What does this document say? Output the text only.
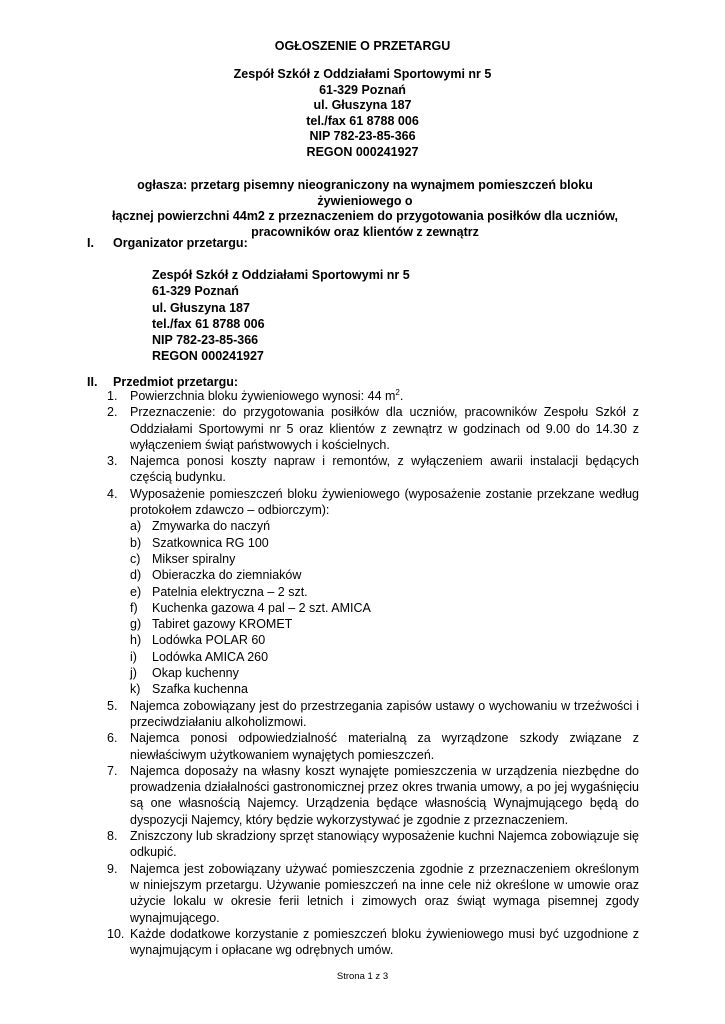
OGŁOSZENIE O PRZETARGU
Zespół Szkół z Oddziałami Sportowymi nr 5
61-329 Poznań
ul. Głuszyna 187
tel./fax 61 8788 006
NIP 782-23-85-366
REGON 000241927
ogłasza: przetarg pisemny nieograniczony na wynajmem pomieszczeń bloku żywieniowego o
łącznej powierzchni 44m2 z przeznaczeniem do przygotowania posiłków dla uczniów,
pracowników oraz klientów z zewnątrz
I. Organizator przetargu:
Zespół Szkół z Oddziałami Sportowymi nr 5
61-329 Poznań
ul. Głuszyna 187
tel./fax 61 8788 006
NIP 782-23-85-366
REGON 000241927
II. Przedmiot przetargu:
1.	Powierzchnia bloku żywieniowego wynosi: 44 $m^2$.
2.	Przeznaczenie: do przygotowania posiłków dla uczniów, pracowników Zespołu Szkół z Oddziałami Sportowymi nr 5 oraz klientów z zewnątrz w godzinach od 9.00 do 14.30 z wyłączeniem świąt państwowych i kościelnych.
3.	Najemca ponosi koszty napraw i remontów, z wyłączeniem awarii instalacji będących częścią budynku.
4.	Wyposażenie pomieszczeń bloku żywieniowego (wyposażenie zostanie przekzane według protokołem zdawczo – odbiorczym):
a) Zmywarka do naczyń
b) Szatkownica RG 100
c) Mikser spiralny
d) Obieraczka do ziemniaków
e) Patelnia elektryczna – 2 szt.
f)	Kuchenka gazowa 4 pal – 2 szt. AMICA
g) Tabiret gazowy KROMET
h) Lodówka POLAR 60
i)	Lodówka AMICA 260
j)	Okap kuchenny
k) Szafka kuchenna
5.	Najemca zobowiązany jest do przestrzegania zapisów ustawy o wychowaniu w trzeźwości i przeciwdziałaniu alkoholizmowi.
6.	Najemca ponosi odpowiedzialność materialną za wyrządzone szkody związane z niewłaściwym użytkowaniem wynajętych pomieszczeń.
7.	Najemca doposaży na własny koszt wynajęte pomieszczenia w urządzenia niezbędne do prowadzenia działalności gastronomicznej przez okres trwania umowy, a po jej wygaśnięciu są one własnością Najemcy. Urządzenia będące własnością Wynajmującego będą do dyspozycji Najemcy, który będzie wykorzystywać je zgodnie z przeznaczeniem.
8.	Zniszczony lub skradziony sprzęt stanowiący wyposażenie kuchni Najemca zobowiązuje się odkupić.
9.	Najemca jest zobowiązany używać pomieszczenia zgodnie z przeznaczeniem określonym w niniejszym przetargu. Używanie pomieszczeń na inne cele niż określone w umowie oraz użycie lokalu w okresie ferii letnich i zimowych oraz świąt wymaga pisemnej zgody wynajmującego.
10. Każde dodatkowe korzystanie z pomieszczeń bloku żywieniowego musi być uzgodnione z wynajmującym i opłacane wg odrębnych umów.
Strona 1 z 3
